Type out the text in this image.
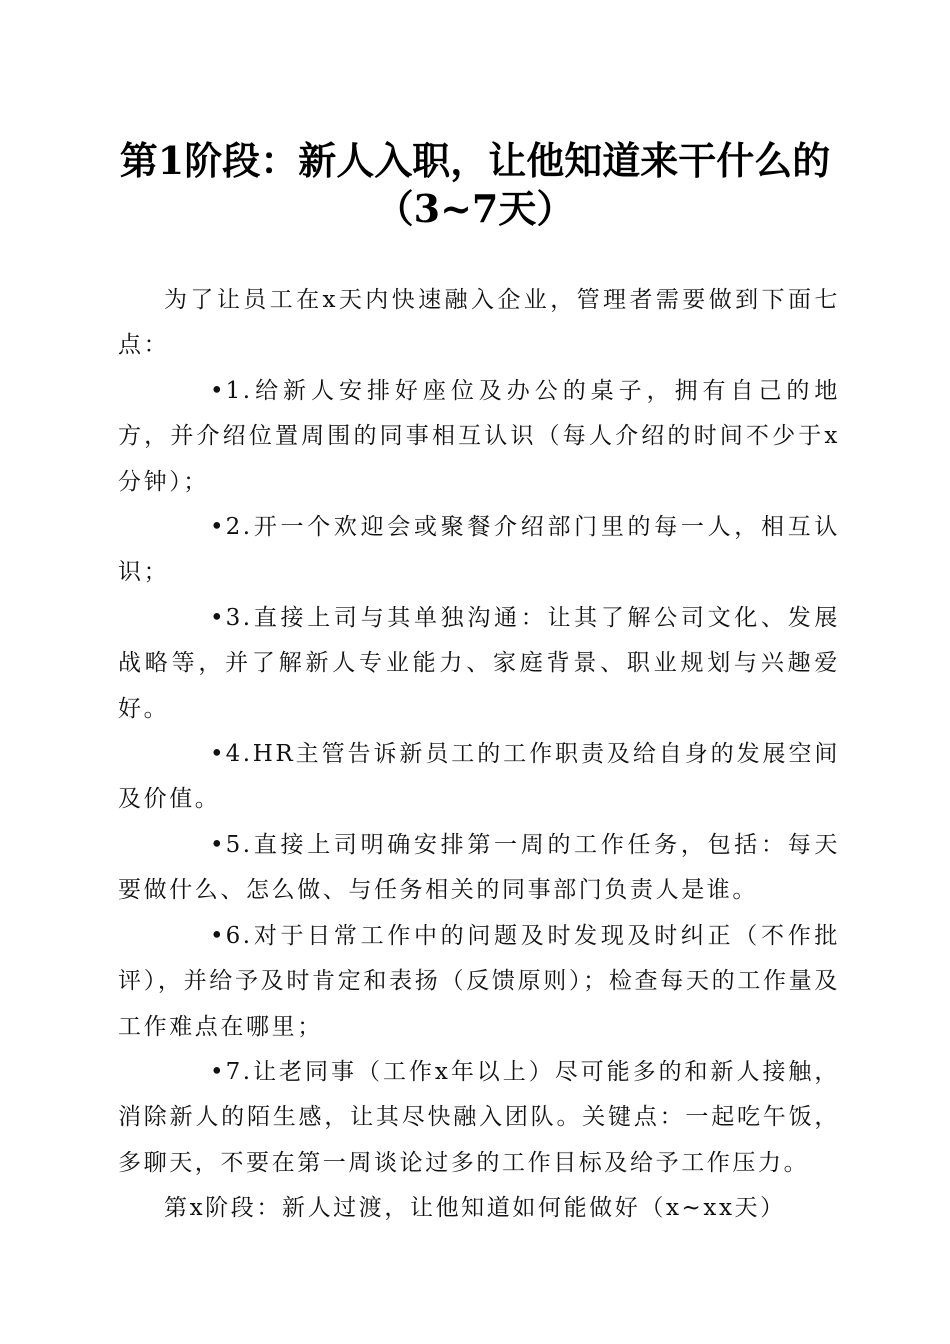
第1阶段：新人入职，让他知道来干什么的
（3~7天）

为了让员工在x天内快速融入企业，管理者需要做到下面七点：

•1.给新人安排好座位及办公的桌子，拥有自己的地方，并介绍位置周围的同事相互认识（每人介绍的时间不少于x分钟）；

•2.开一个欢迎会或聚餐介绍部门里的每一人，相互认识；

•3.直接上司与其单独沟通：让其了解公司文化、发展战略等，并了解新人专业能力、家庭背景、职业规划与兴趣爱好。

•4.HR主管告诉新员工的工作职责及给自身的发展空间及价值。

•5.直接上司明确安排第一周的工作任务，包括：每天要做什么、怎么做、与任务相关的同事部门负责人是谁。

•6.对于日常工作中的问题及时发现及时纠正（不作批评），并给予及时肯定和表扬（反馈原则）；检查每天的工作量及工作难点在哪里；

•7.让老同事（工作x年以上）尽可能多的和新人接触，消除新人的陌生感，让其尽快融入团队。关键点：一起吃午饭，多聊天，不要在第一周谈论过多的工作目标及给予工作压力。

第x阶段：新人过渡，让他知道如何能做好（x~xx天）
